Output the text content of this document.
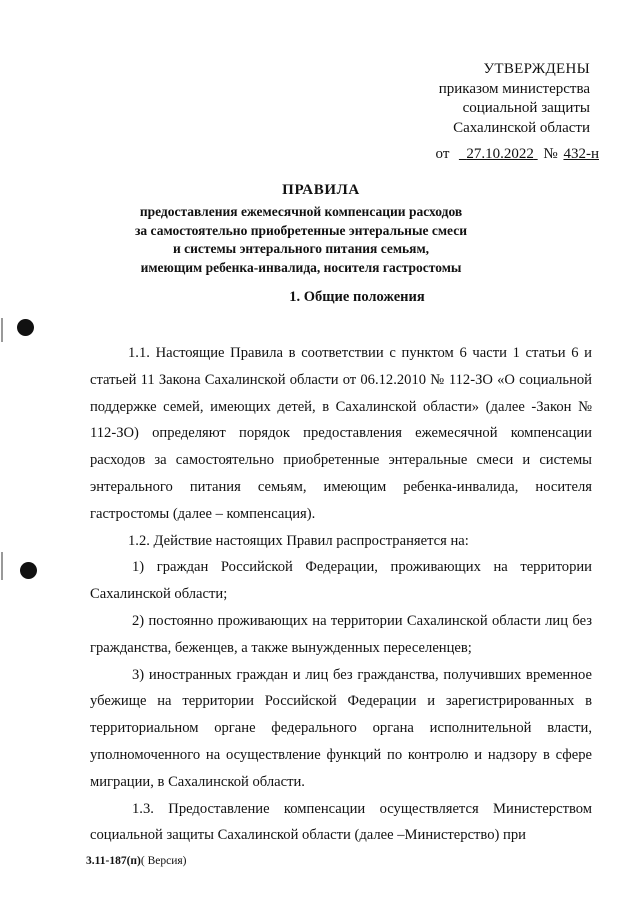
УТВЕРЖДЕНЫ
приказом министерства
социальной защиты
Сахалинской области
от 27.10.2022 № 432-н
ПРАВИЛА
предоставления ежемесячной компенсации расходов
за самостоятельно приобретенные энтеральные смеси
и системы энтерального питания семьям,
имеющим ребенка-инвалида, носителя гастростомы
1. Общие положения

1.1. Настоящие Правила в соответствии с пунктом 6 части 1 статьи 6 и статьей 11 Закона Сахалинской области от 06.12.2010 № 112-ЗО «О социальной поддержке семей, имеющих детей, в Сахалинской области» (далее -Закон № 112-ЗО) определяют порядок предоставления ежемесячной компенсации расходов за самостоятельно приобретенные энтеральные смеси и системы энтерального питания семьям, имеющим ребенка-инвалида, носителя гастростомы (далее – компенсация).

1.2. Действие настоящих Правил распространяется на:

1) граждан Российской Федерации, проживающих на территории Сахалинской области;

2) постоянно проживающих на территории Сахалинской области лиц без гражданства, беженцев, а также вынужденных переселенцев;

3) иностранных граждан и лиц без гражданства, получивших временное убежище на территории Российской Федерации и зарегистрированных в территориальном органе федерального органа исполнительной власти, уполномоченного на осуществление функций по контролю и надзору в сфере миграции, в Сахалинской области.

1.3. Предоставление компенсации осуществляется Министерством социальной защиты Сахалинской области (далее –Министерство) при

3.11-187(п)( Версия)
